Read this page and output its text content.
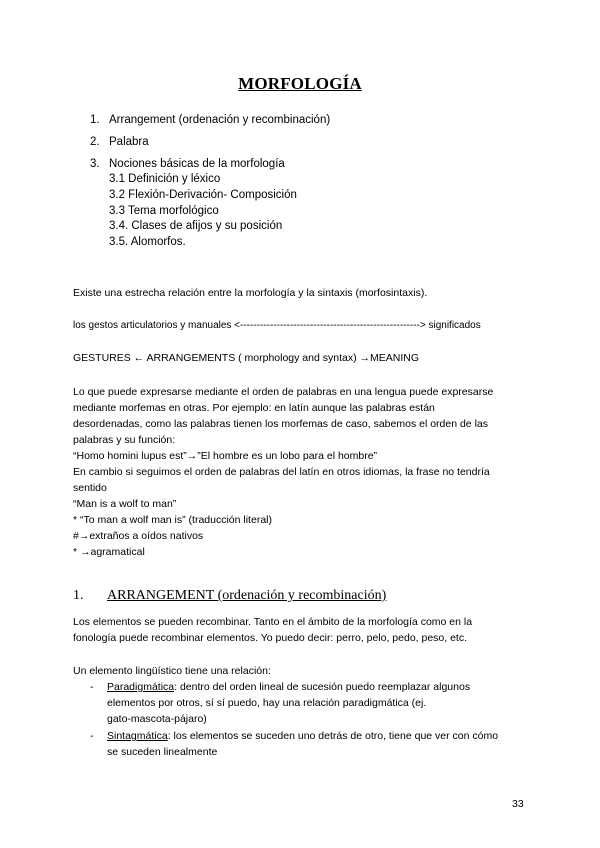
MORFOLOGÍA
1. Arrangement (ordenación y recombinación)
2. Palabra
3. Nociones básicas de la morfología
3.1 Definición y léxico
3.2 Flexión-Derivación- Composición
3.3 Tema morfológico
3.4. Clases de afijos y su posición
3.5. Alomorfos.
Existe una estrecha relación entre la morfología y la sintaxis (morfosintaxis).
los gestos articulatorios y manuales <------------------------------------------------------> significados
GESTURES ← ARRANGEMENTS ( morphology and syntax) →MEANING
Lo que puede expresarse mediante el orden de palabras en una lengua puede expresarse
mediante morfemas en otras. Por ejemplo: en latín aunque las palabras están
desordenadas, como las palabras tienen los morfemas de caso, sabemos el orden de las
palabras y su función:
“Homo homini lupus est”→”El hombre es un lobo para el hombre”
En cambio si seguimos el orden de palabras del latín en otros idiomas, la frase no tendría
sentido
“Man is a wolf to man”
* “To man a wolf man is” (traducción literal)
#→extraños a oídos nativos
* →agramatical
1. ARRANGEMENT (ordenación y recombinación)
Los elementos se pueden recombinar. Tanto en el ámbito de la morfología como en la
fonología puede recombinar elementos. Yo puedo decir: perro, pelo, pedo, peso, etc.
Un elemento lingüístico tiene una relación:
- Paradigmática: dentro del orden lineal de sucesión puedo reemplazar algunos
elementos por otros, sí sí puedo, hay una relación paradigmática (ej.
gato-mascota-pájaro)
- Sintagmática: los elementos se suceden uno detrás de otro, tiene que ver con cómo
se suceden linealmente
33
